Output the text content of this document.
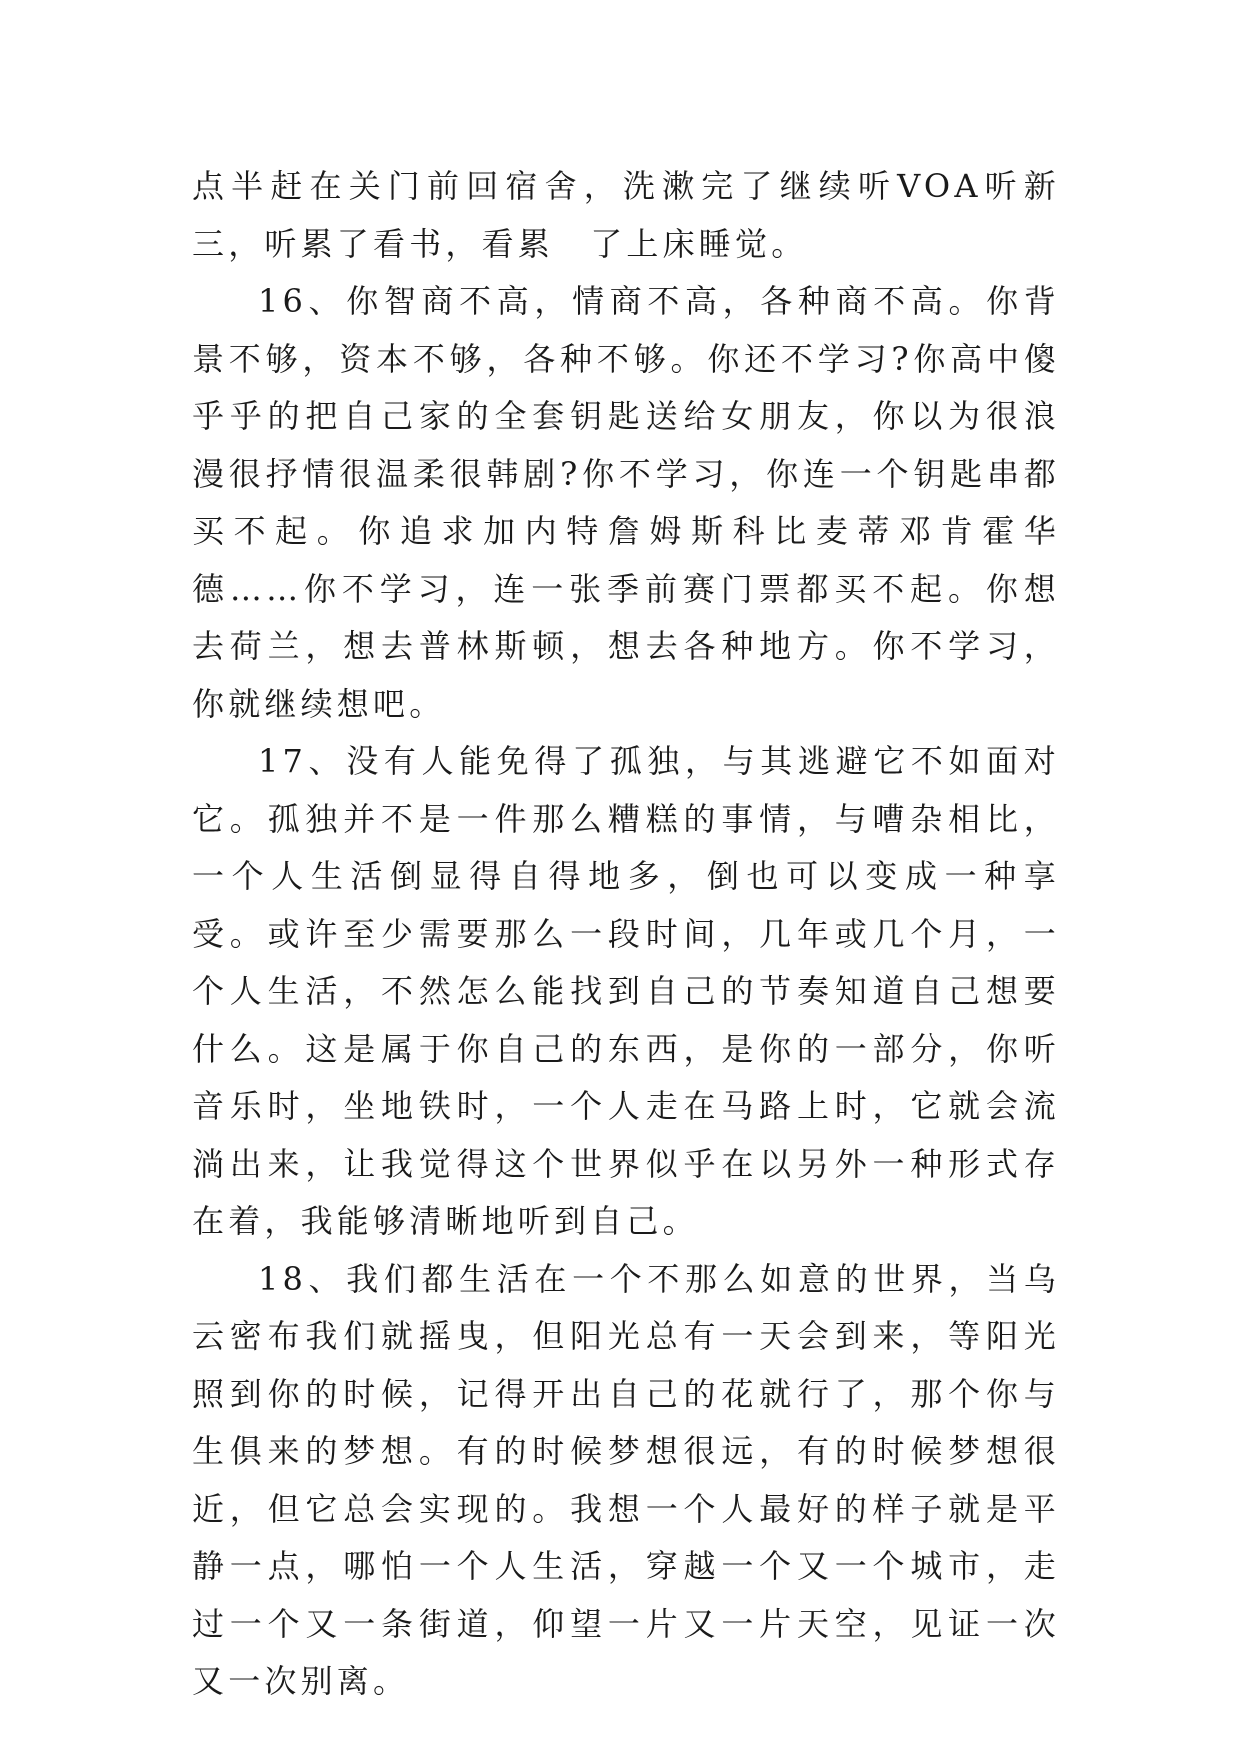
点半赶在关门前回宿舍，洗漱完了继续听VOA听新三，听累了看书，看累　了上床睡觉。

16、你智商不高，情商不高，各种商不高。你背景不够，资本不够，各种不够。你还不学习?你高中傻乎乎的把自己家的全套钥匙送给女朋友，你以为很浪漫很抒情很温柔很韩剧?你不学习，你连一个钥匙串都买不起。你追求加内特詹姆斯科比麦蒂邓肯霍华德……你不学习，连一张季前赛门票都买不起。你想去荷兰，想去普林斯顿，想去各种地方。你不学习，你就继续想吧。

17、没有人能免得了孤独，与其逃避它不如面对它。孤独并不是一件那么糟糕的事情，与嘈杂相比，一个人生活倒显得自得地多，倒也可以变成一种享受。或许至少需要那么一段时间，几年或几个月，一个人生活，不然怎么能找到自己的节奏知道自己想要什么。这是属于你自己的东西，是你的一部分，你听音乐时，坐地铁时，一个人走在马路上时，它就会流淌出来，让我觉得这个世界似乎在以另外一种形式存在着，我能够清晰地听到自己。

18、我们都生活在一个不那么如意的世界，当乌云密布我们就摇曳，但阳光总有一天会到来，等阳光照到你的时候，记得开出自己的花就行了，那个你与生俱来的梦想。有的时候梦想很远，有的时候梦想很近，但它总会实现的。我想一个人最好的样子就是平静一点，哪怕一个人生活，穿越一个又一个城市，走过一个又一条街道，仰望一片又一片天空，见证一次又一次别离。
